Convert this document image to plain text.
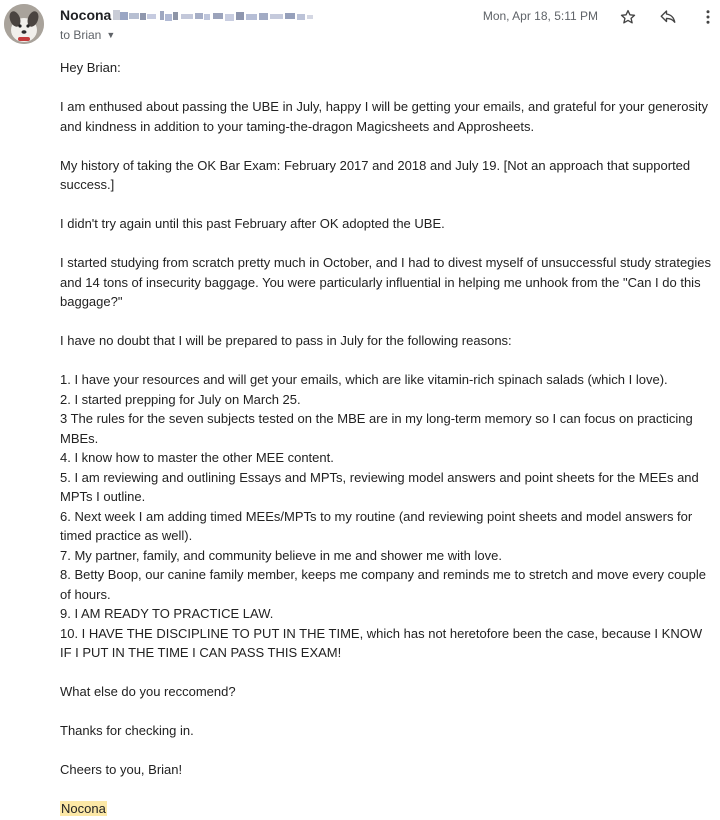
Nocona
to Brian ▼
Mon, Apr 18, 5:11 PM

Hey Brian:

I am enthused about passing the UBE in July, happy I will be getting your emails, and grateful for your generosity and kindness in addition to your taming-the-dragon Magicsheets and Approsheets.

My history of taking the OK Bar Exam: February 2017 and 2018 and July 19. [Not an approach that supported success.]

I didn't try again until this past February after OK adopted the UBE.

I started studying from scratch pretty much in October, and I had to divest myself of unsuccessful study strategies and 14 tons of insecurity baggage. You were particularly influential in helping me unhook from the "Can I do this baggage?"

I have no doubt that I will be prepared to pass in July for the following reasons:

1. I have your resources and will get your emails, which are like vitamin-rich spinach salads (which I love).

2. I started prepping for July on March 25.

3 The rules for the seven subjects tested on the MBE are in my long-term memory so I can focus on practicing MBEs.

4. I know how to master the other MEE content.

5. I am reviewing and outlining Essays and MPTs, reviewing model answers and point sheets for the MEEs and MPTs I outline.

6. Next week I am adding timed MEEs/MPTs to my routine (and reviewing point sheets and model answers for timed practice as well).

7. My partner, family, and community believe in me and shower me with love.

8. Betty Boop, our canine family member, keeps me company and reminds me to stretch and move every couple of hours.

9. I AM READY TO PRACTICE LAW.

10. I HAVE THE DISCIPLINE TO PUT IN THE TIME, which has not heretofore been the case, because I KNOW IF I PUT IN THE TIME I CAN PASS THIS EXAM!

What else do you reccomend?

Thanks for checking in.

Cheers to you, Brian!

Nocona
